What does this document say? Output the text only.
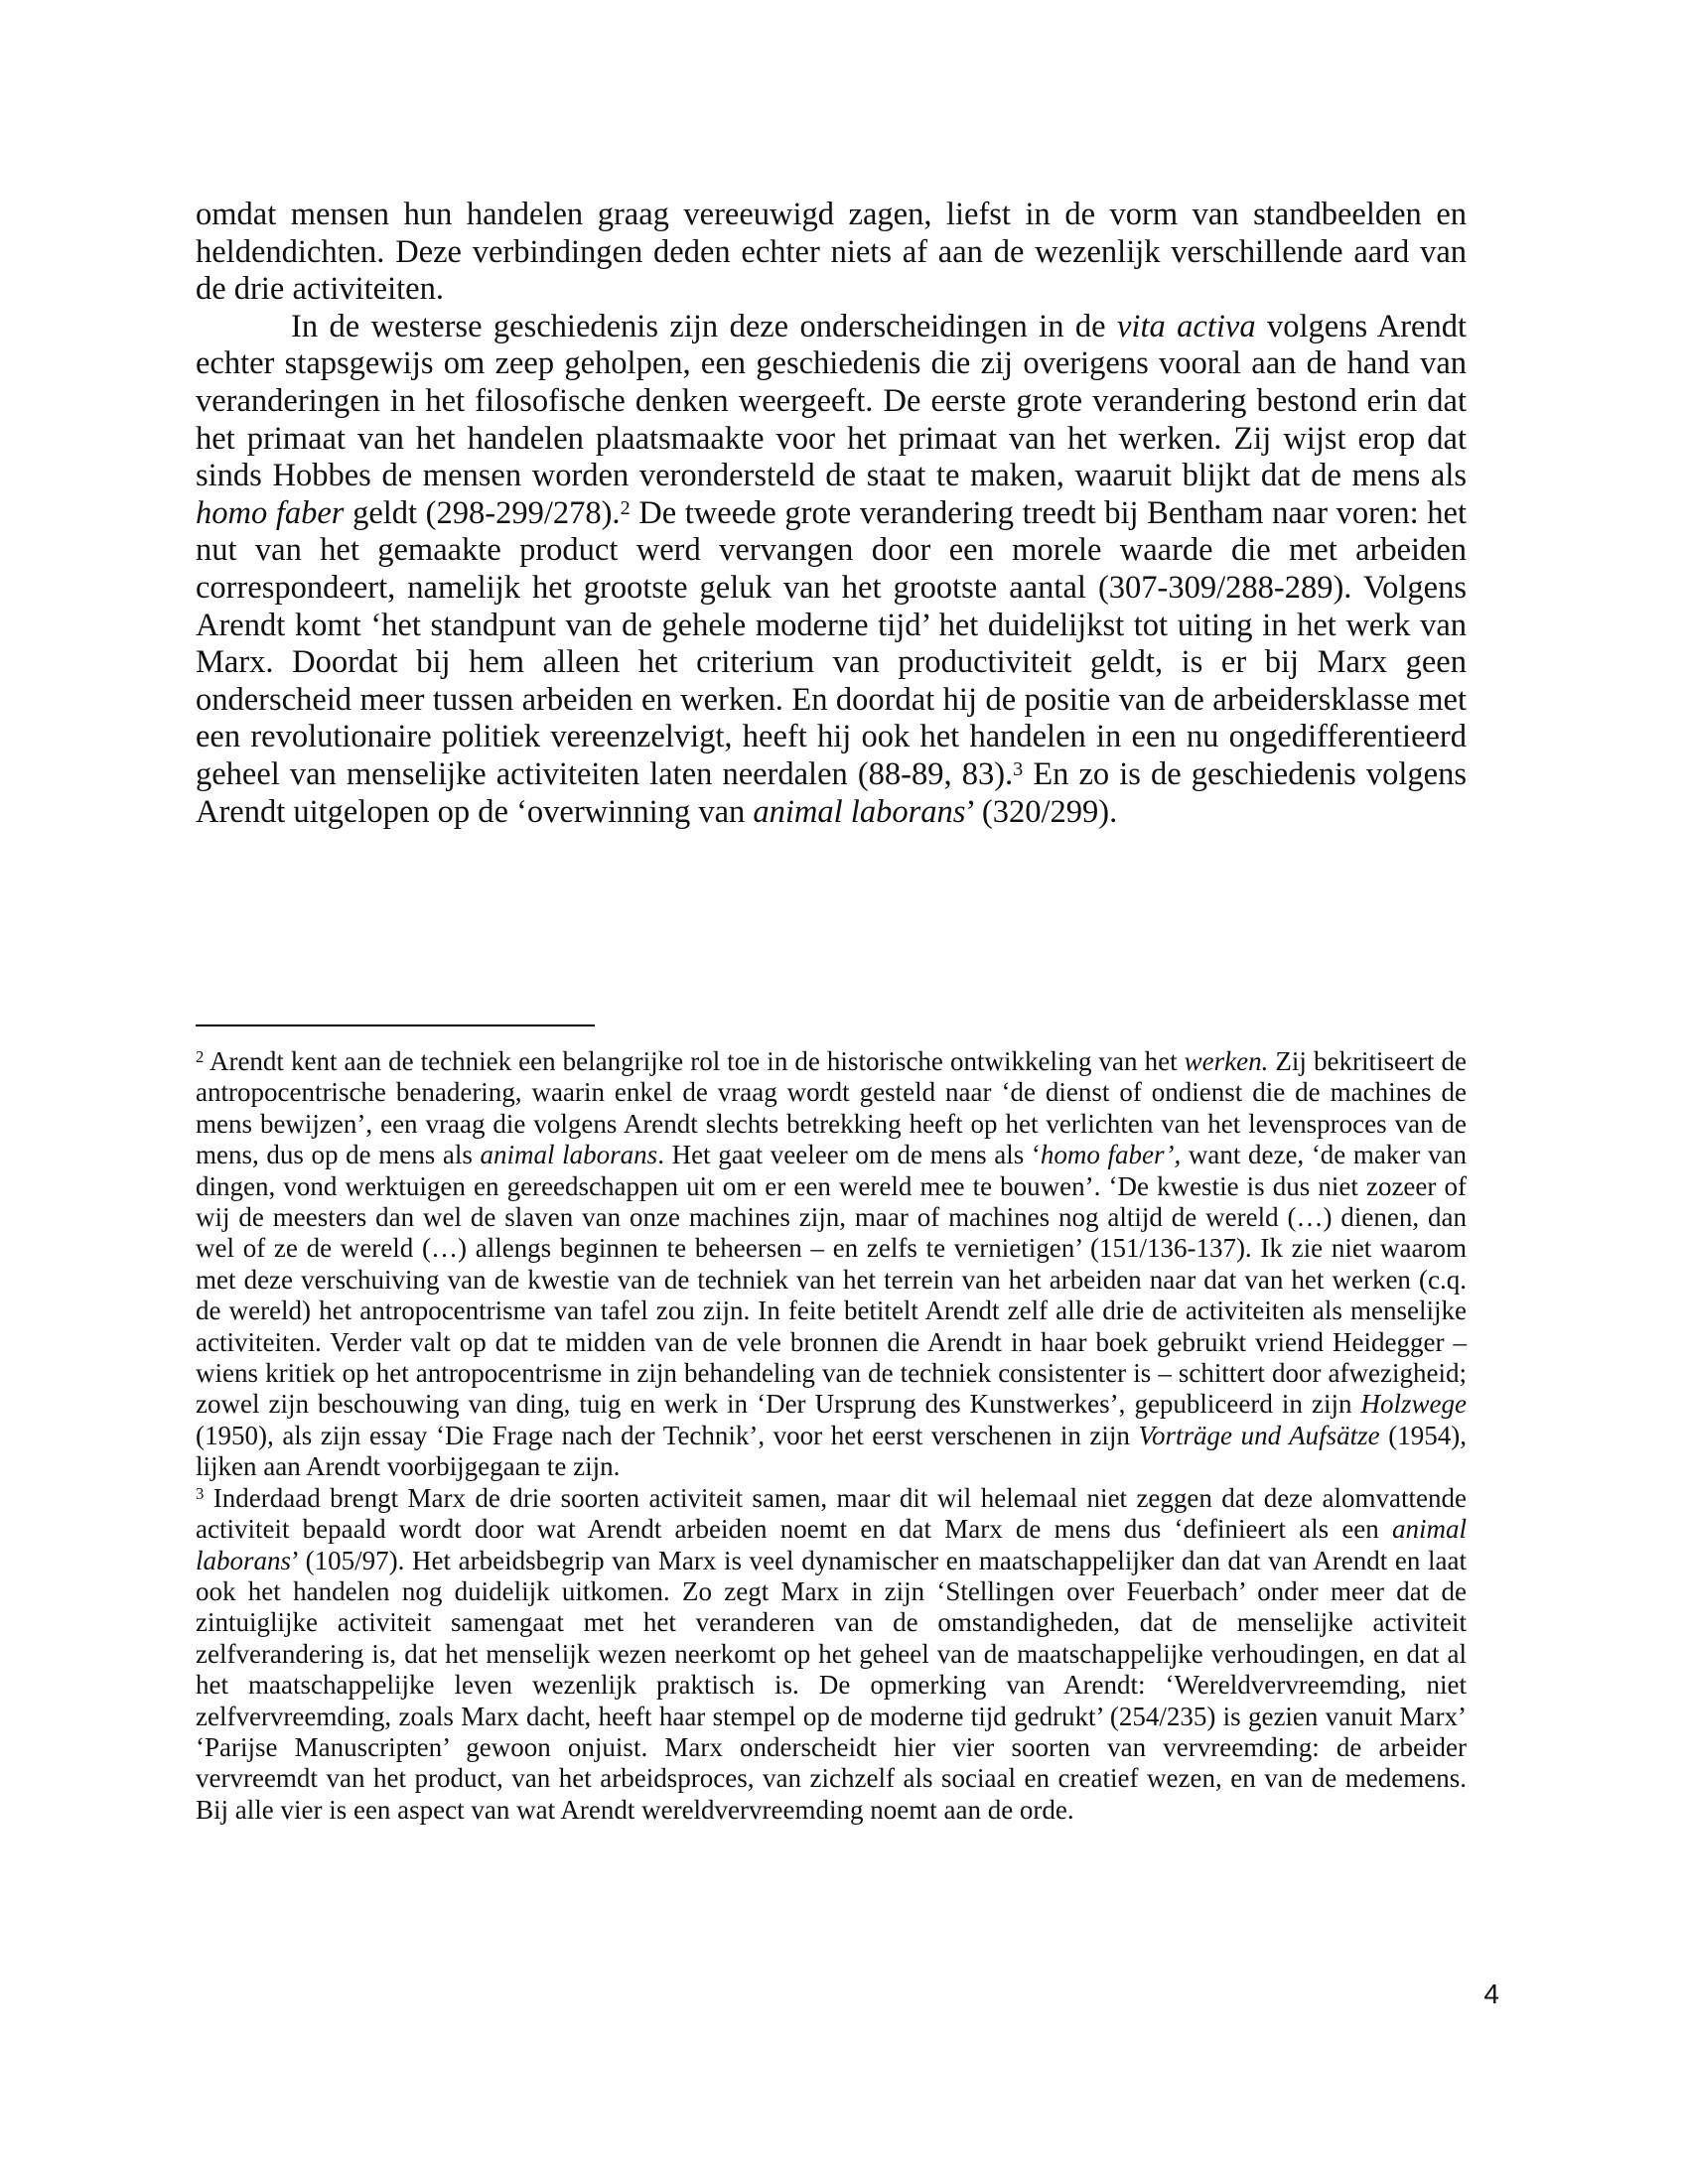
omdat mensen hun handelen graag vereeuwigd zagen, liefst in de vorm van standbeelden en heldendichten. Deze verbindingen deden echter niets af aan de wezenlijk verschillende aard van de drie activiteiten.

In de westerse geschiedenis zijn deze onderscheidingen in de vita activa volgens Arendt echter stapsgewijs om zeep geholpen, een geschiedenis die zij overigens vooral aan de hand van veranderingen in het filosofische denken weergeeft. De eerste grote verandering bestond erin dat het primaat van het handelen plaatsmaakte voor het primaat van het werken. Zij wijst erop dat sinds Hobbes de mensen worden verondersteld de staat te maken, waaruit blijkt dat de mens als homo faber geldt (298-299/278).$^2$ De tweede grote verandering treedt bij Bentham naar voren: het nut van het gemaakte product werd vervangen door een morele waarde die met arbeiden correspondeert, namelijk het grootste geluk van het grootste aantal (307-309/288-289). Volgens Arendt komt ‘het standpunt van de gehele moderne tijd’ het duidelijkst tot uiting in het werk van Marx. Doordat bij hem alleen het criterium van productiviteit geldt, is er bij Marx geen onderscheid meer tussen arbeiden en werken. En doordat hij de positie van de arbeidersklasse met een revolutionaire politiek vereenzelvigt, heeft hij ook het handelen in een nu ongedifferentieerd geheel van menselijke activiteiten laten neerdalen (88-89, 83).$^3$ En zo is de geschiedenis volgens Arendt uitgelopen op de ‘overwinning van animal laborans’ (320/299).

$^2$ Arendt kent aan de techniek een belangrijke rol toe in de historische ontwikkeling van het werken. Zij bekritiseert de antropocentrische benadering, waarin enkel de vraag wordt gesteld naar ‘de dienst of ondienst die de machines de mens bewijzen’, een vraag die volgens Arendt slechts betrekking heeft op het verlichten van het levensproces van de mens, dus op de mens als animal laborans. Het gaat veeleer om de mens als ‘homo faber’, want deze, ‘de maker van dingen, vond werktuigen en gereedschappen uit om er een wereld mee te bouwen’. ‘De kwestie is dus niet zozeer of wij de meesters dan wel de slaven van onze machines zijn, maar of machines nog altijd de wereld (…) dienen, dan wel of ze de wereld (…) allengs beginnen te beheersen – en zelfs te vernietigen’ (151/136-137). Ik zie niet waarom met deze verschuiving van de kwestie van de techniek van het terrein van het arbeiden naar dat van het werken (c.q. de wereld) het antropocentrisme van tafel zou zijn. In feite betitelt Arendt zelf alle drie de activiteiten als menselijke activiteiten. Verder valt op dat te midden van de vele bronnen die Arendt in haar boek gebruikt vriend Heidegger – wiens kritiek op het antropocentrisme in zijn behandeling van de techniek consistenter is – schittert door afwezigheid; zowel zijn beschouwing van ding, tuig en werk in ‘Der Ursprung des Kunstwerkes’, gepubliceerd in zijn Holzwege (1950), als zijn essay ‘Die Frage nach der Technik’, voor het eerst verschenen in zijn Vorträge und Aufsätze (1954), lijken aan Arendt voorbijgegaan te zijn.

$^3$ Inderdaad brengt Marx de drie soorten activiteit samen, maar dit wil helemaal niet zeggen dat deze alomvattende activiteit bepaald wordt door wat Arendt arbeiden noemt en dat Marx de mens dus ‘definieert als een animal laborans’ (105/97). Het arbeidsbegrip van Marx is veel dynamischer en maatschappelijker dan dat van Arendt en laat ook het handelen nog duidelijk uitkomen. Zo zegt Marx in zijn ‘Stellingen over Feuerbach’ onder meer dat de zintuiglijke activiteit samengaat met het veranderen van de omstandigheden, dat de menselijke activiteit zelfverandering is, dat het menselijk wezen neerkomt op het geheel van de maatschappelijke verhoudingen, en dat al het maatschappelijke leven wezenlijk praktisch is. De opmerking van Arendt: ‘Wereldvervreemding, niet zelfvervreemding, zoals Marx dacht, heeft haar stempel op de moderne tijd gedrukt’ (254/235) is gezien vanuit Marx’ ‘Parijse Manuscripten’ gewoon onjuist. Marx onderscheidt hier vier soorten van vervreemding: de arbeider vervreemdt van het product, van het arbeidsproces, van zichzelf als sociaal en creatief wezen, en van de medemens. Bij alle vier is een aspect van wat Arendt wereldvervreemding noemt aan de orde.

4
